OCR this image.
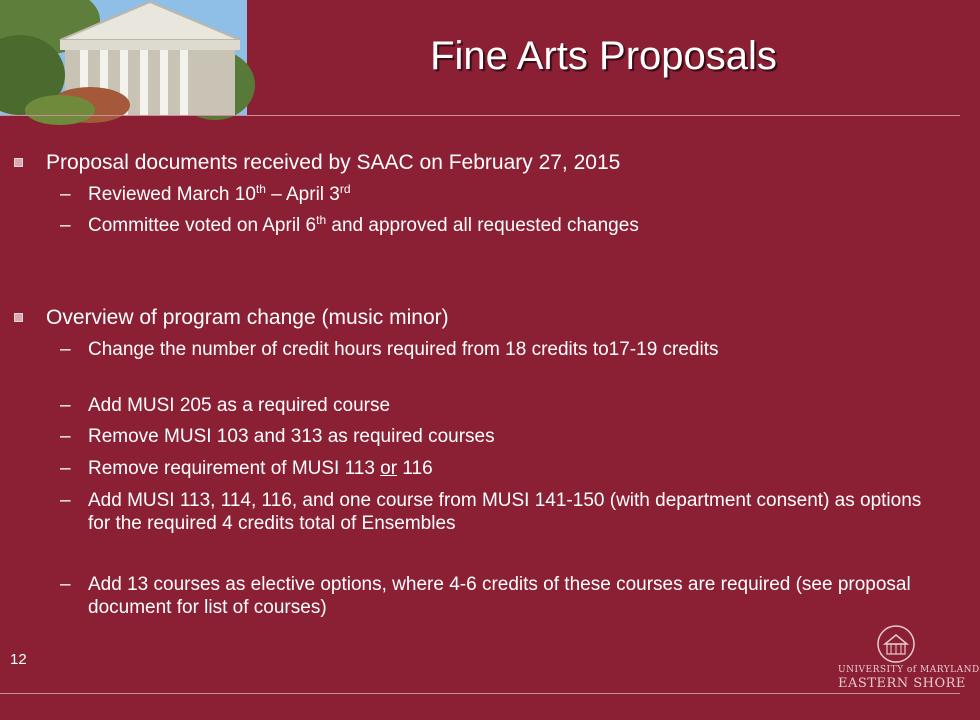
Fine Arts Proposals
Proposal documents received by SAAC on February 27, 2015
– Reviewed March 10th – April 3rd
– Committee voted on April 6th and approved all requested changes
Overview of program change (music minor)
– Change the number of credit hours required from 18 credits to17-19 credits
– Add MUSI 205 as a required course
– Remove MUSI 103 and 313 as required courses
– Remove requirement of MUSI 113 or 116
– Add MUSI 113, 114, 116, and one course from MUSI 141-150 (with department consent) as options for the required 4 credits total of Ensembles
– Add 13 courses as elective options, where 4-6 credits of these courses are required (see proposal document for list of courses)
12
UNIVERSITY of MARYLAND
EASTERN SHORE
